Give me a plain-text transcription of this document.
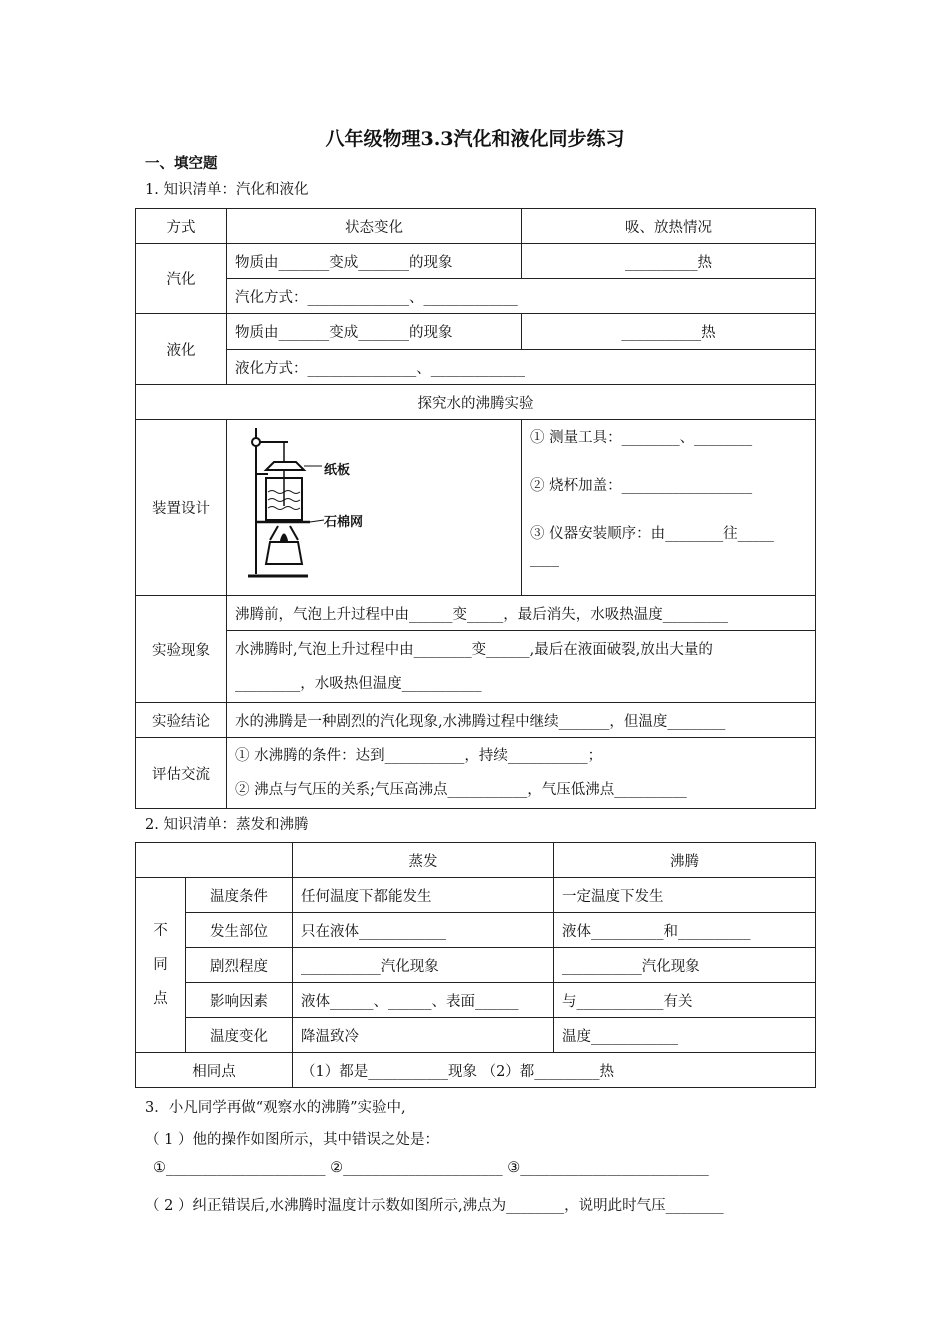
八年级物理3.3汽化和液化同步练习
一、填空题
1. 知识清单：汽化和液化
方式	状态变化	吸、放热情况
汽化	物质由_______变成_______的现象	__________热
	汽化方式：______________、_____________	
液化	物质由_______变成_______的现象	___________热
	液化方式：_______________、_____________	
探究水的沸腾实验		
装置设计		① 测量工具：________、________
② 烧杯加盖：__________________
③ 仪器安装顺序：由________往_____
____

实验现象	沸腾前，气泡上升过程中由______变_____，最后消失，水吸热温度_________	

	水沸腾时,气泡上升过程中由________变______,最后在液面破裂,放出大量的
_________，水吸热但温度___________	

实验结论	水的沸腾是一种剧烈的汽化现象,水沸腾过程中继续_______，但温度________	
评估交流	① 水沸腾的条件：达到___________，持续___________；
② 沸点与气压的关系;气压高沸点___________，气压低沸点__________	
纸板
石棉网
2. 知识清单：蒸发和沸腾
		蒸发	沸腾

不
同
点	温度条件	任何温度下都能发生	一定温度下发生
	发生部位	只在液体____________	液体__________和__________
	剧烈程度	___________汽化现象	___________汽化现象
	影响因素	液体______、______、表面______	与____________有关
	温度变化	降温致冷	温度____________
相同点		（1）都是___________现象 （2）都_________热	
3．小凡同学再做“观察水的沸腾”实验中,
（ 1 ）他的操作如图所示，其中错误之处是：
①______________________ ②______________________ ③__________________________
（ 2 ）纠正错误后,水沸腾时温度计示数如图所示,沸点为________，说明此时气压________
